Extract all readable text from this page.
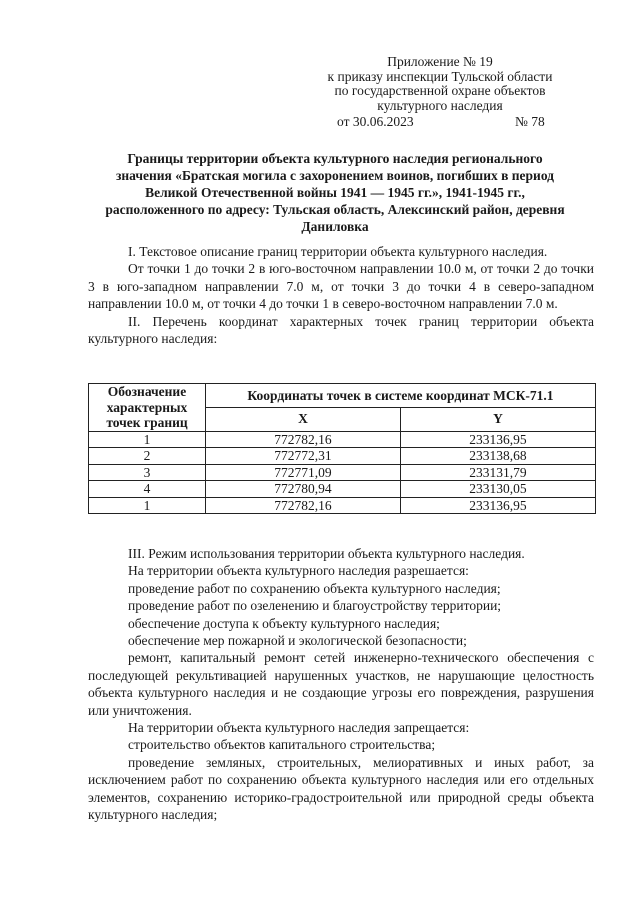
Приложение № 19
к приказу инспекции Тульской области
по государственной охране объектов
культурного наследия
от 30.06.2023	№ 78
Границы территории объекта культурного наследия регионального значения «Братская могила с захоронением воинов, погибших в период Великой Отечественной войны 1941 — 1945 гг.», 1941-1945 гг., расположенного по адресу: Тульская область, Алексинский район, деревня Даниловка

I. Текстовое описание границ территории объекта культурного наследия.

От точки 1 до точки 2 в юго-восточном направлении 10.0 м, от точки 2 до точки 3 в юго-западном направлении 7.0 м, от точки 3 до точки 4 в северо-западном направлении 10.0 м, от точки 4 до точки 1 в северо-восточном направлении 7.0 м.

II. Перечень координат характерных точек границ территории объекта культурного наследия:

Обозначение характерных точек границ	Координаты точек в системе координат МСК-71.1	
	X	Y
1	772782,16	233136,95
2	772772,31	233138,68
3	772771,09	233131,79
4	772780,94	233130,05
1	772782,16	233136,95

III. Режим использования территории объекта культурного наследия.

На территории объекта культурного наследия разрешается:

проведение работ по сохранению объекта культурного наследия;

проведение работ по озеленению и благоустройству территории;

обеспечение доступа к объекту культурного наследия;

обеспечение мер пожарной и экологической безопасности;

ремонт, капитальный ремонт сетей инженерно-технического обеспечения с последующей рекультивацией нарушенных участков, не нарушающие целостность объекта культурного наследия и не создающие угрозы его повреждения, разрушения или уничтожения.

На территории объекта культурного наследия запрещается:

строительство объектов капитального строительства;

проведение земляных, строительных, мелиоративных и иных работ, за исключением работ по сохранению объекта культурного наследия или его отдельных элементов, сохранению историко-градостроительной или природной среды объекта культурного наследия;
